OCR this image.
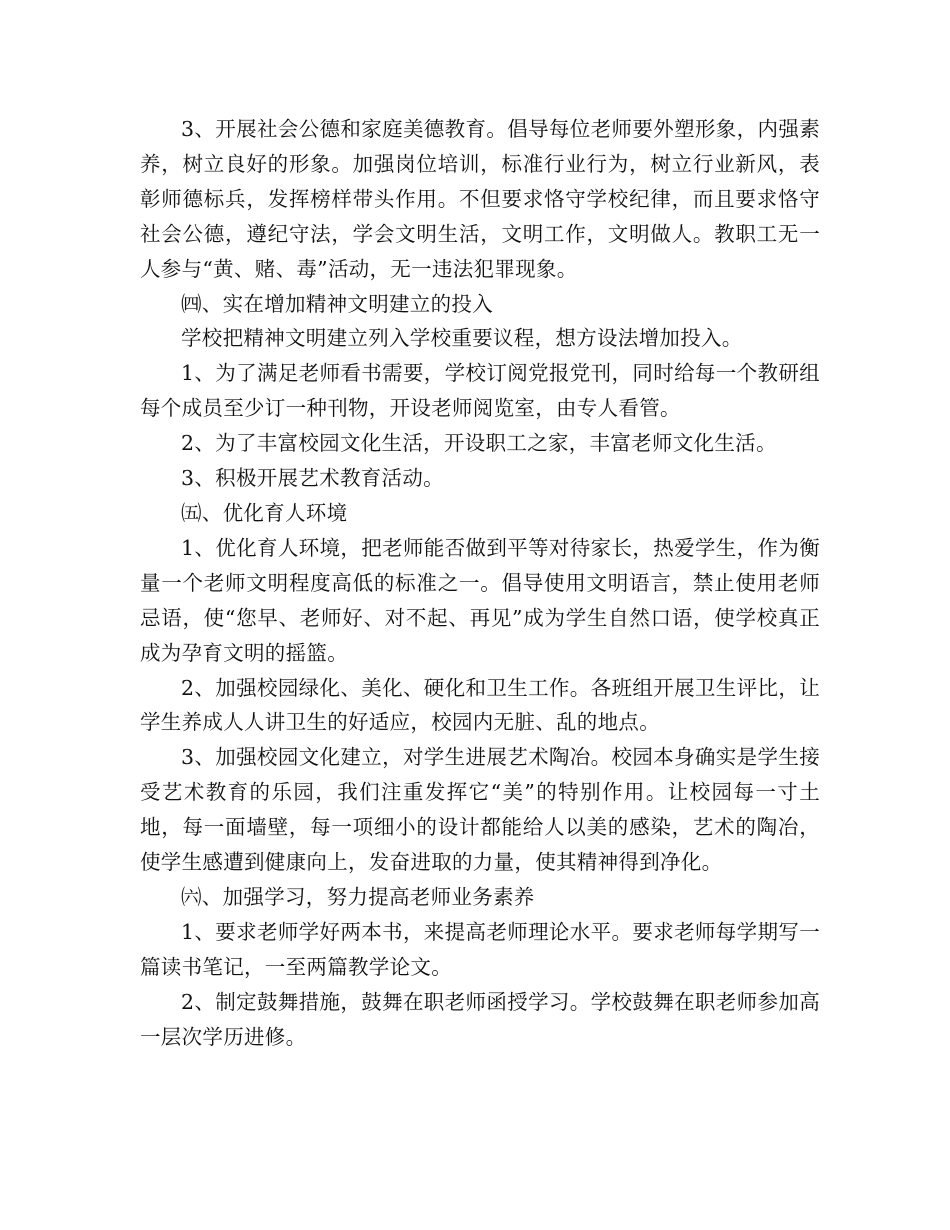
3、开展社会公德和家庭美德教育。倡导每位老师要外塑形象，内强素养，树立良好的形象。加强岗位培训，标准行业行为，树立行业新风，表彰师德标兵，发挥榜样带头作用。不但要求恪守学校纪律，而且要求恪守社会公德，遵纪守法，学会文明生活，文明工作，文明做人。教职工无一人参与“黄、赌、毒”活动，无一违法犯罪现象。

㈣、实在增加精神文明建立的投入

学校把精神文明建立列入学校重要议程，想方设法增加投入。

1、为了满足老师看书需要，学校订阅党报党刊，同时给每一个教研组每个成员至少订一种刊物，开设老师阅览室，由专人看管。

2、为了丰富校园文化生活，开设职工之家，丰富老师文化生活。

3、积极开展艺术教育活动。

㈤、优化育人环境

1、优化育人环境，把老师能否做到平等对待家长，热爱学生，作为衡量一个老师文明程度高低的标准之一。倡导使用文明语言，禁止使用老师忌语，使“您早、老师好、对不起、再见”成为学生自然口语，使学校真正成为孕育文明的摇篮。

2、加强校园绿化、美化、硬化和卫生工作。各班组开展卫生评比，让学生养成人人讲卫生的好适应，校园内无脏、乱的地点。

3、加强校园文化建立，对学生进展艺术陶冶。校园本身确实是学生接受艺术教育的乐园，我们注重发挥它“美”的特别作用。让校园每一寸土地，每一面墙壁，每一项细小的设计都能给人以美的感染，艺术的陶冶，使学生感遭到健康向上，发奋进取的力量，使其精神得到净化。

㈥、加强学习，努力提高老师业务素养

1、要求老师学好两本书，来提高老师理论水平。要求老师每学期写一篇读书笔记，一至两篇教学论文。

2、制定鼓舞措施，鼓舞在职老师函授学习。学校鼓舞在职老师参加高一层次学历进修。
